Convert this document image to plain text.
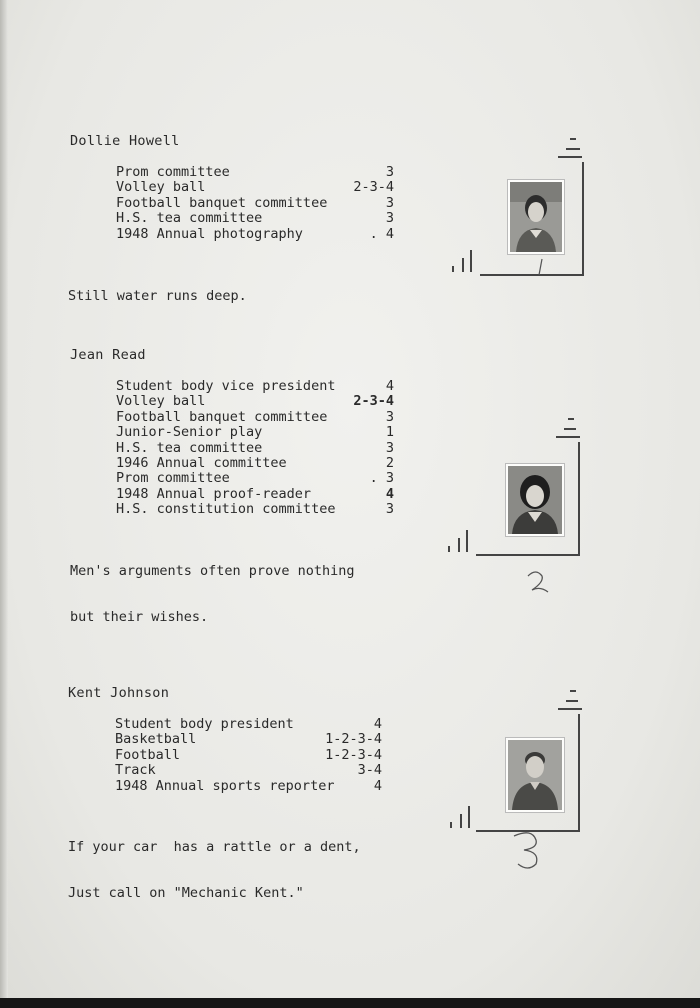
Dollie Howell
Prom committee	3
Volley ball	2-3-4
Football banquet committee	3
H.S. tea committee	3
1948 Annual photography	. 4

Still water runs deep.

Jean Read
Student body vice president	4
Volley ball	2-3-4
Football banquet committee	3
Junior-Senior play	1
H.S. tea committee	3
1946 Annual committee	2
Prom committee	. 3
1948 Annual proof-reader	4
H.S. constitution committee	3

Men's arguments often prove nothing

but their wishes.

Kent Johnson
Student body president	4
Basketball	1-2-3-4
Football	1-2-3-4
Track	3-4
1948 Annual sports reporter	4

If your car  has a rattle or a dent,

Just call on "Mechanic Kent."
